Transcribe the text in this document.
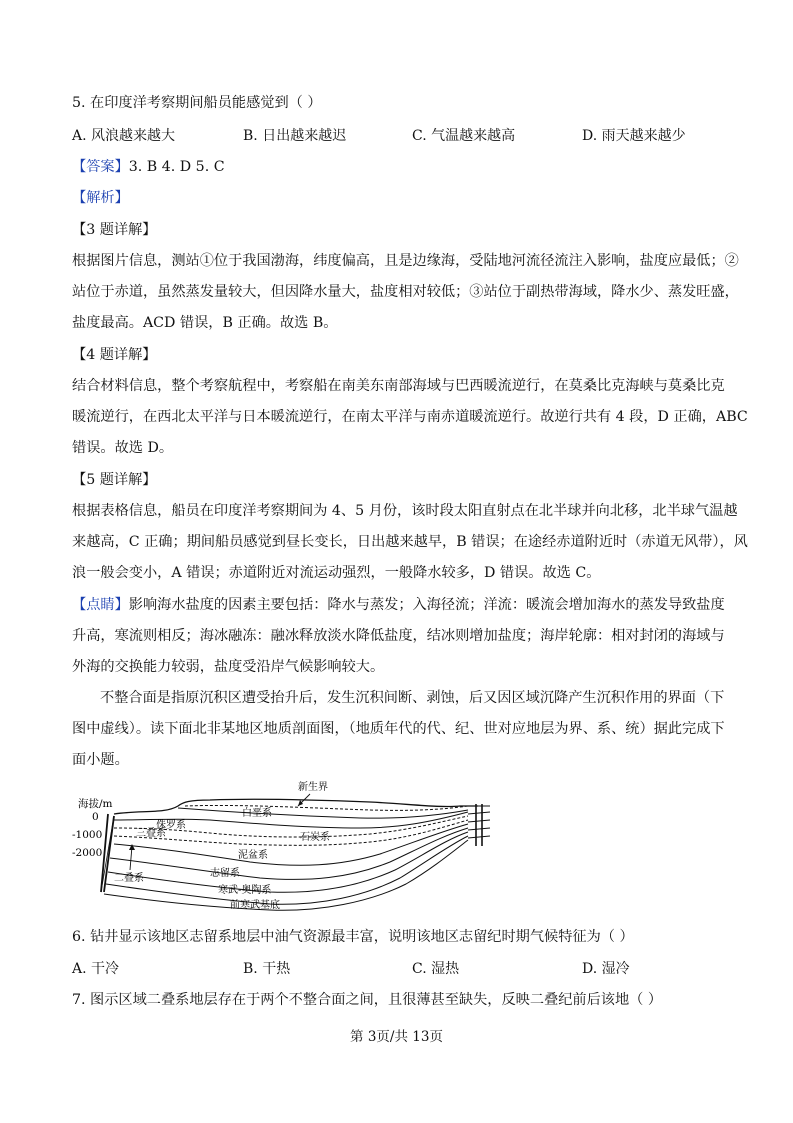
5. 在印度洋考察期间船员能感觉到（ ）
A. 风浪越来越大	B. 日出越来越迟	C. 气温越来越高	D. 雨天越来越少
【答案】3. B 4. D 5. C
【解析】
【3 题详解】
根据图片信息，测站①位于我国渤海，纬度偏高，且是边缘海，受陆地河流径流注入影响，盐度应最低；②
站位于赤道，虽然蒸发量较大，但因降水量大，盐度相对较低；③站位于副热带海域，降水少、蒸发旺盛，
盐度最高。ACD 错误，B 正确。故选 B。
【4 题详解】
结合材料信息，整个考察航程中，考察船在南美东南部海域与巴西暖流逆行，在莫桑比克海峡与莫桑比克
暖流逆行，在西北太平洋与日本暖流逆行，在南太平洋与南赤道暖流逆行。故逆行共有 4 段，D 正确，ABC
错误。故选 D。
【5 题详解】
根据表格信息，船员在印度洋考察期间为 4、5 月份，该时段太阳直射点在北半球并向北移，北半球气温越
来越高，C 正确；期间船员感觉到昼长变长，日出越来越早，B 错误；在途经赤道附近时（赤道无风带），风
浪一般会变小，A 错误；赤道附近对流运动强烈，一般降水较多，D 错误。故选 C。
【点睛】影响海水盐度的因素主要包括：降水与蒸发；入海径流；洋流：暖流会增加海水的蒸发导致盐度
升高，寒流则相反；海冰融冻：融冰释放淡水降低盐度，结冰则增加盐度；海岸轮廓：相对封闭的海域与
外海的交换能力较弱，盐度受沿岸气候影响较大。
不整合面是指原沉积区遭受抬升后，发生沉积间断、剥蚀，后又因区域沉降产生沉积作用的界面（下
图中虚线）。读下面北非某地区地质剖面图，（地质年代的代、纪、世对应地层为界、系、统）据此完成下
面小题。
海拔/m
0
-1000
-2000
新生界
白垩系
侏罗系
三叠系	石炭系
泥盆系
志留系
二叠系
寒武-奥陶系
前寒武基底
6. 钻井显示该地区志留系地层中油气资源最丰富，说明该地区志留纪时期气候特征为（ ）
A. 干冷	B. 干热	C. 湿热	D. 湿冷
7. 图示区域二叠系地层存在于两个不整合面之间，且很薄甚至缺失，反映二叠纪前后该地（ ）
第 3页/共 13页
